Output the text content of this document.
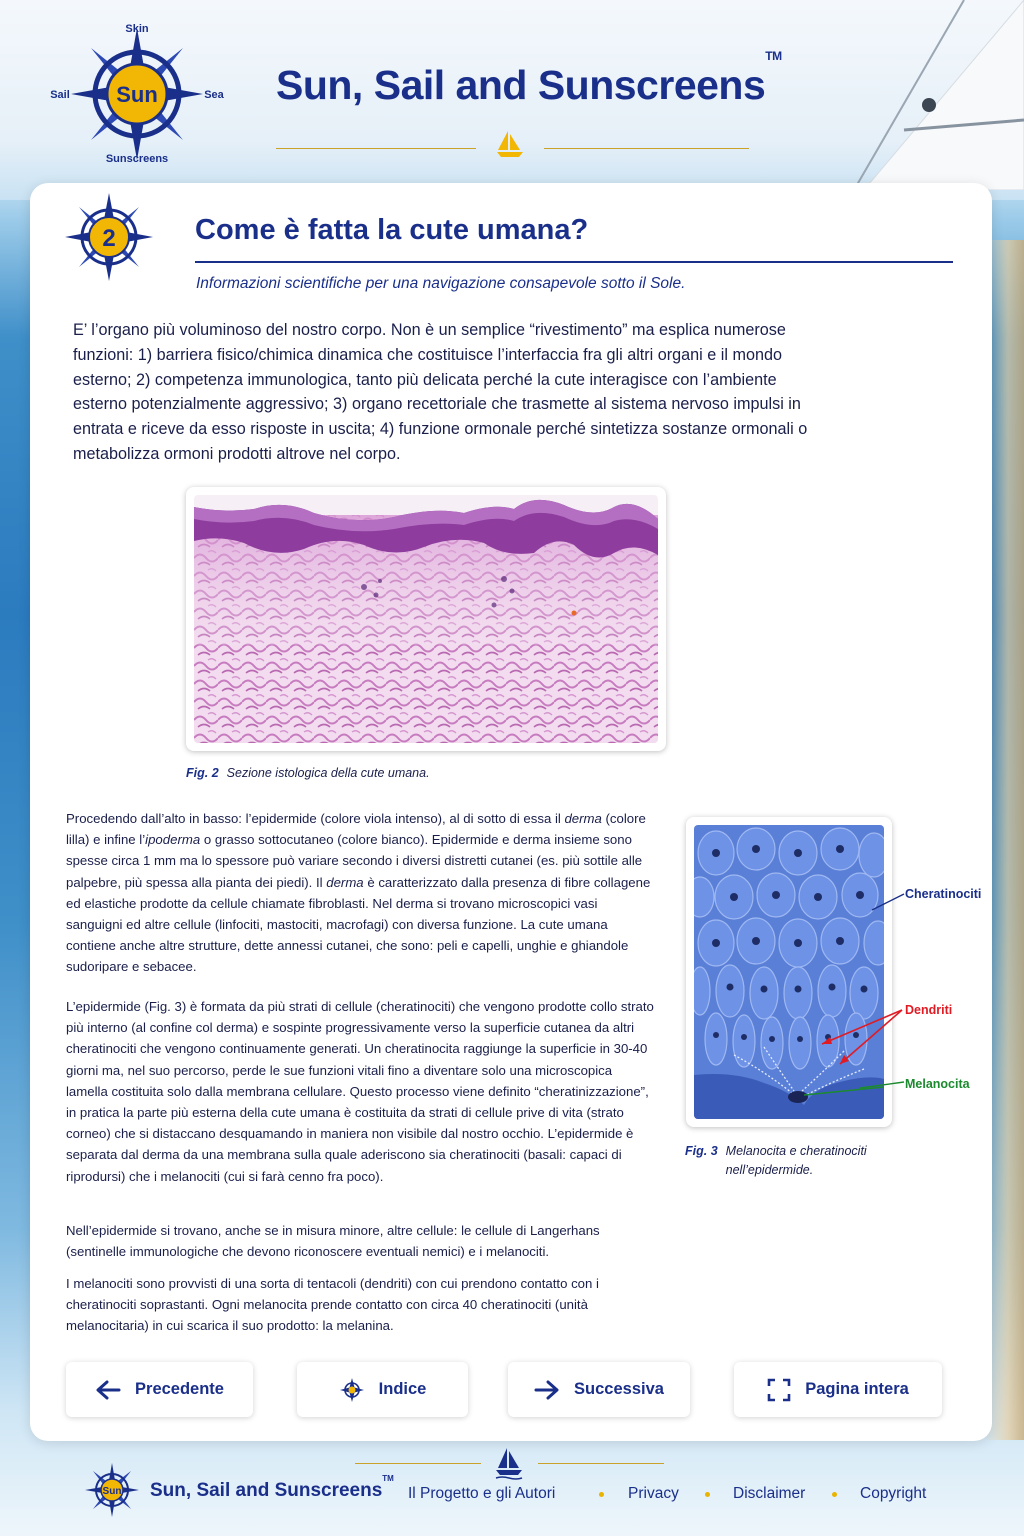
Sun
Skin
Sail	Sea
Sunscreens
Sun, Sail and Sunscreens™
2	Come è fatta la cute umana?
Informazioni scientifiche per una navigazione consapevole sotto il Sole.

E’ l’organo più voluminoso del nostro corpo. Non è un semplice “rivestimento” ma esplica numerose funzioni: 1) barriera fisico/chimica dinamica che costituisce l’interfaccia fra gli altri organi e il mondo esterno; 2) competenza immunologica, tanto più delicata perché la cute interagisce con l’ambiente esterno potenzialmente aggressivo; 3) organo recettoriale che trasmette al sistema nervoso impulsi in entrata e riceve da esso risposte in uscita; 4) funzione ormonale perché sintetizza sostanze ormonali o metabolizza ormoni prodotti altrove nel corpo.

Fig. 2 Sezione istologica della cute umana.

Procedendo dall’alto in basso: l’epidermide (colore viola intenso), al di sotto di essa il derma (colore lilla) e infine l’ipoderma o grasso sottocutaneo (colore bianco). Epidermide e derma insieme sono spesse circa 1 mm ma lo spessore può variare secondo i diversi distretti cutanei (es. più sottile alle palpebre, più spessa alla pianta dei piedi). Il derma è caratterizzato dalla presenza di fibre collagene ed elastiche prodotte da cellule chiamate fibroblasti. Nel derma si trovano microscopici vasi sanguigni ed altre cellule (linfociti, mastociti, macrofagi) con diversa funzione. La cute umana contiene anche altre strutture, dette annessi cutanei, che sono: peli e capelli, unghie e ghiandole sudoripare e sebacee.

L’epidermide (Fig. 3) è formata da più strati di cellule (cheratinociti) che vengono prodotte collo strato più interno (al confine col derma) e sospinte progressivamente verso la superficie cutanea da altri cheratinociti che vengono continuamente generati. Un cheratinocita raggiunge la superficie in 30-40 giorni ma, nel suo percorso, perde le sue funzioni vitali fino a diventare solo una microscopica lamella costituita solo dalla membrana cellulare. Questo processo viene definito “cheratinizzazione”, in pratica la parte più esterna della cute umana è costituita da strati di cellule prive di vita (strato corneo) che si distaccano desquamando in maniera non visibile dal nostro occhio. L’epidermide è separata dal derma da una membrana sulla quale aderiscono sia cheratinociti (basali: capaci di riprodursi) che i melanociti (cui si farà cenno fra poco).

Nell’epidermide si trovano, anche se in misura minore, altre cellule: le cellule di Langerhans (sentinelle immunologiche che devono riconoscere eventuali nemici) e i melanociti.

I melanociti sono provvisti di una sorta di tentacoli (dendriti) con cui prendono contatto con i cheratinociti soprastanti. Ogni melanocita prende contatto con circa 40 cheratinociti (unità melanocitaria) in cui scarica il suo prodotto: la melanina.

Cheratinociti
Dendriti
Melanocita
Fig. 3 Melanocita e cheratinociti nell’epidermide.
Precedente	Indice	Successiva	Pagina intera
Sun Sun, Sail and Sunscreens™
Il Progetto e gli Autori	Privacy	Disclaimer	Copyright
